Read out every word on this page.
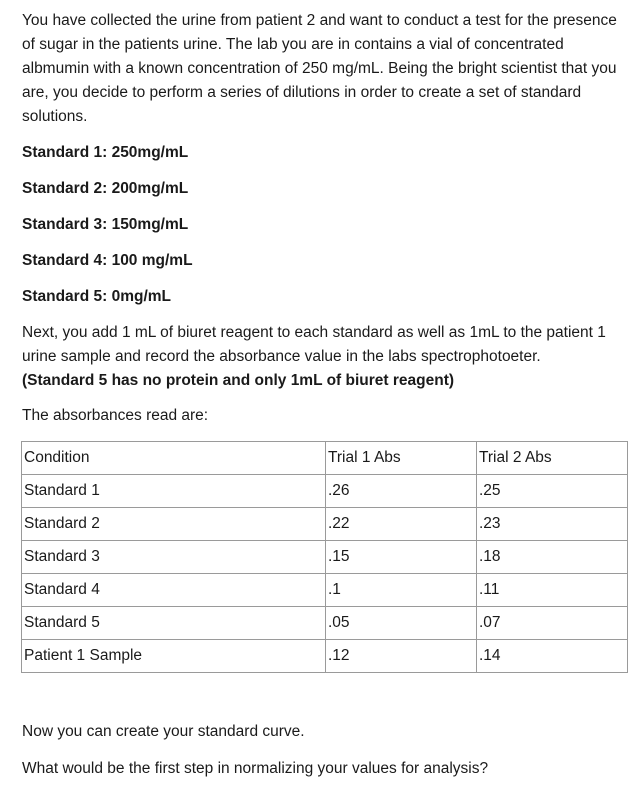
You have collected the urine from patient 2 and want to conduct a test for the presence of sugar in the patients urine. The lab you are in contains a vial of concentrated albmumin with a known concentration of 250 mg/mL. Being the bright scientist that you are, you decide to perform a series of dilutions in order to create a set of standard solutions.

Standard 1: 250mg/mL

Standard 2: 200mg/mL

Standard 3: 150mg/mL

Standard 4: 100 mg/mL

Standard 5: 0mg/mL

Next, you add 1 mL of biuret reagent to each standard as well as 1mL to the patient 1 urine sample and record the absorbance value in the labs spectrophotoeter.
(Standard 5 has no protein and only 1mL of biuret reagent)

The absorbances read are:

Condition	Trial 1 Abs	Trial 2 Abs
Standard 1	.26	.25
Standard 2	.22	.23
Standard 3	.15	.18
Standard 4	.1	.11
Standard 5	.05	.07
Patient 1 Sample	.12	.14

Now you can create your standard curve.

What would be the first step in normalizing your values for analysis?
